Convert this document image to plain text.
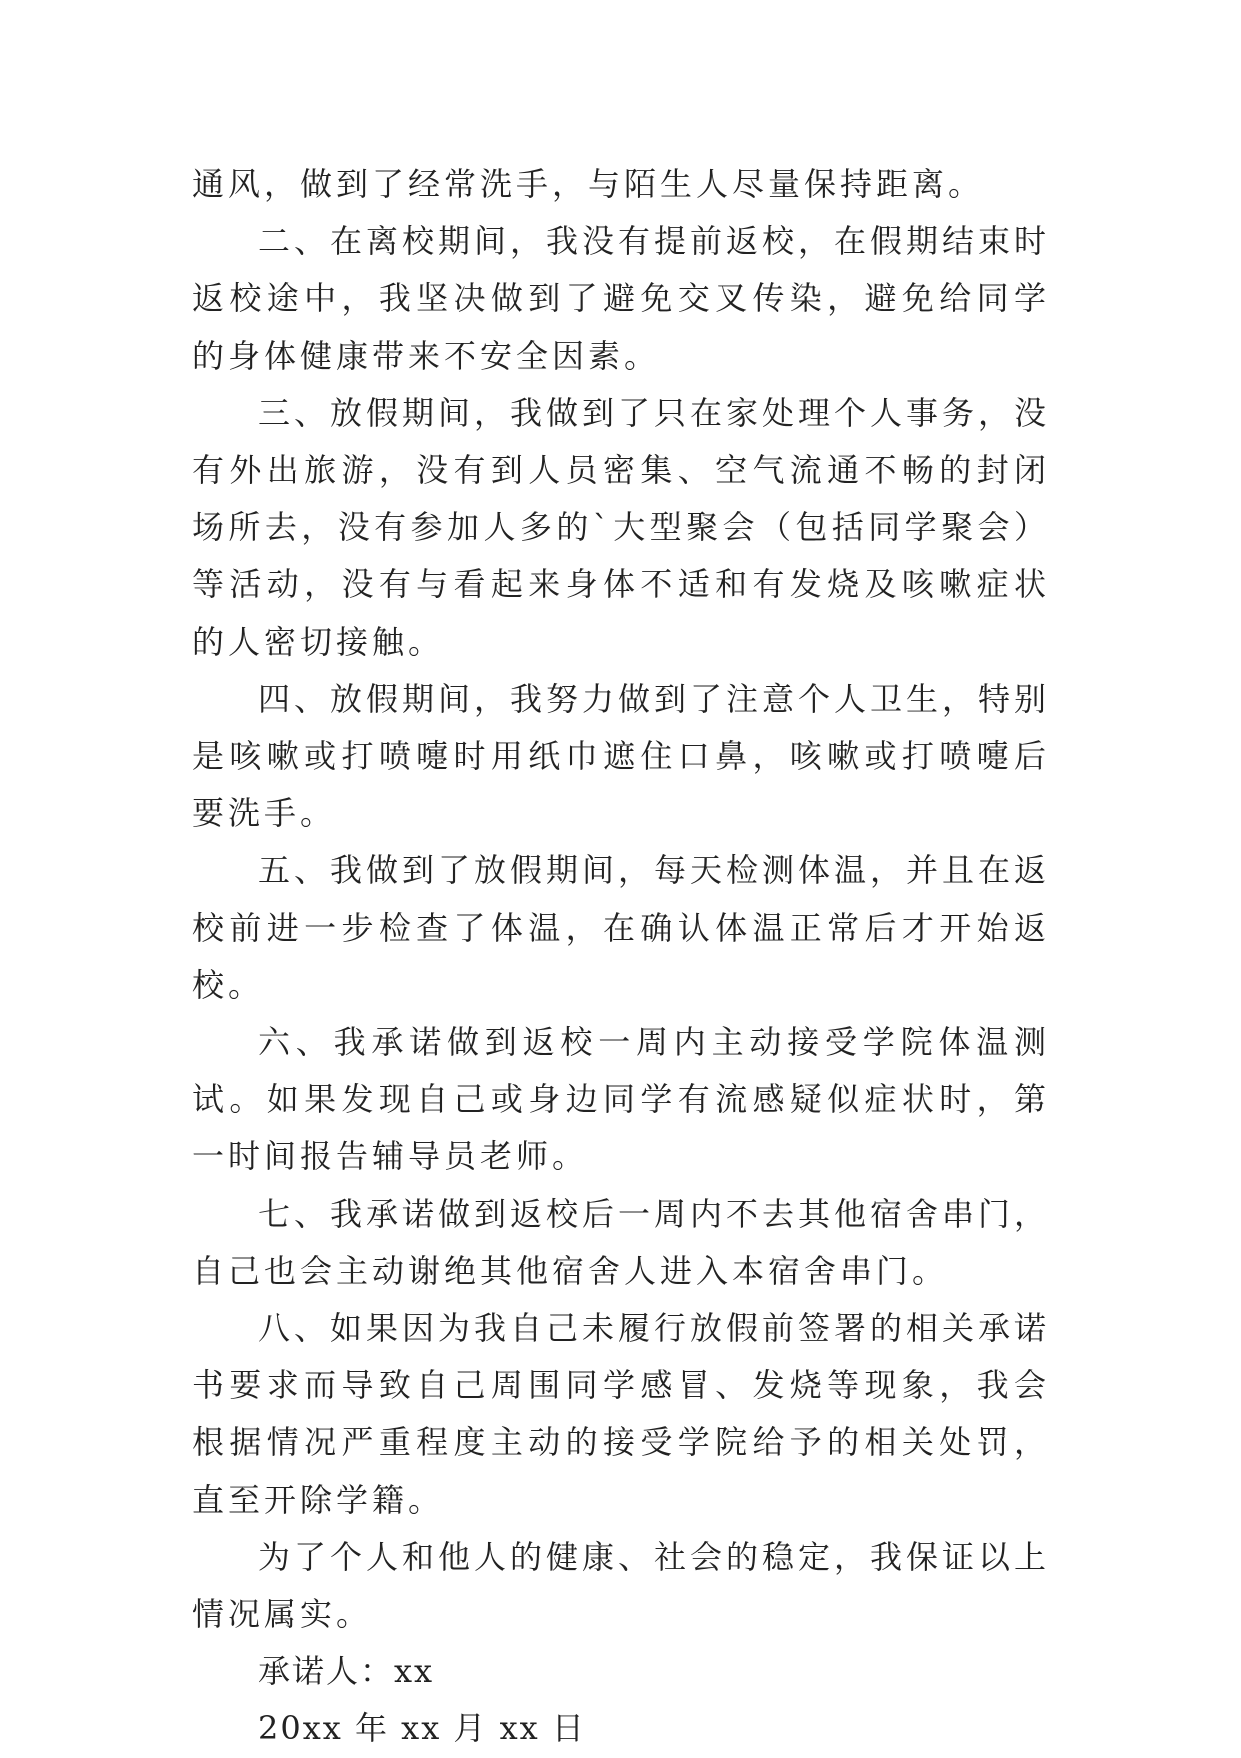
通风，做到了经常洗手，与陌生人尽量保持距离。

二、在离校期间，我没有提前返校，在假期结束时返校途中，我坚决做到了避免交叉传染，避免给同学的身体健康带来不安全因素。

三、放假期间，我做到了只在家处理个人事务，没有外出旅游，没有到人员密集、空气流通不畅的封闭场所去，没有参加人多的`大型聚会（包括同学聚会）等活动，没有与看起来身体不适和有发烧及咳嗽症状的人密切接触。

四、放假期间，我努力做到了注意个人卫生，特别是咳嗽或打喷嚏时用纸巾遮住口鼻，咳嗽或打喷嚏后要洗手。

五、我做到了放假期间，每天检测体温，并且在返校前进一步检查了体温，在确认体温正常后才开始返校。

六、我承诺做到返校一周内主动接受学院体温测试。如果发现自己或身边同学有流感疑似症状时，第一时间报告辅导员老师。

七、我承诺做到返校后一周内不去其他宿舍串门，自己也会主动谢绝其他宿舍人进入本宿舍串门。

八、如果因为我自己未履行放假前签署的相关承诺书要求而导致自己周围同学感冒、发烧等现象，我会根据情况严重程度主动的接受学院给予的相关处罚，直至开除学籍。

为了个人和他人的健康、社会的稳定，我保证以上情况属实。

承诺人：xx

20xx 年 xx 月 xx 日
